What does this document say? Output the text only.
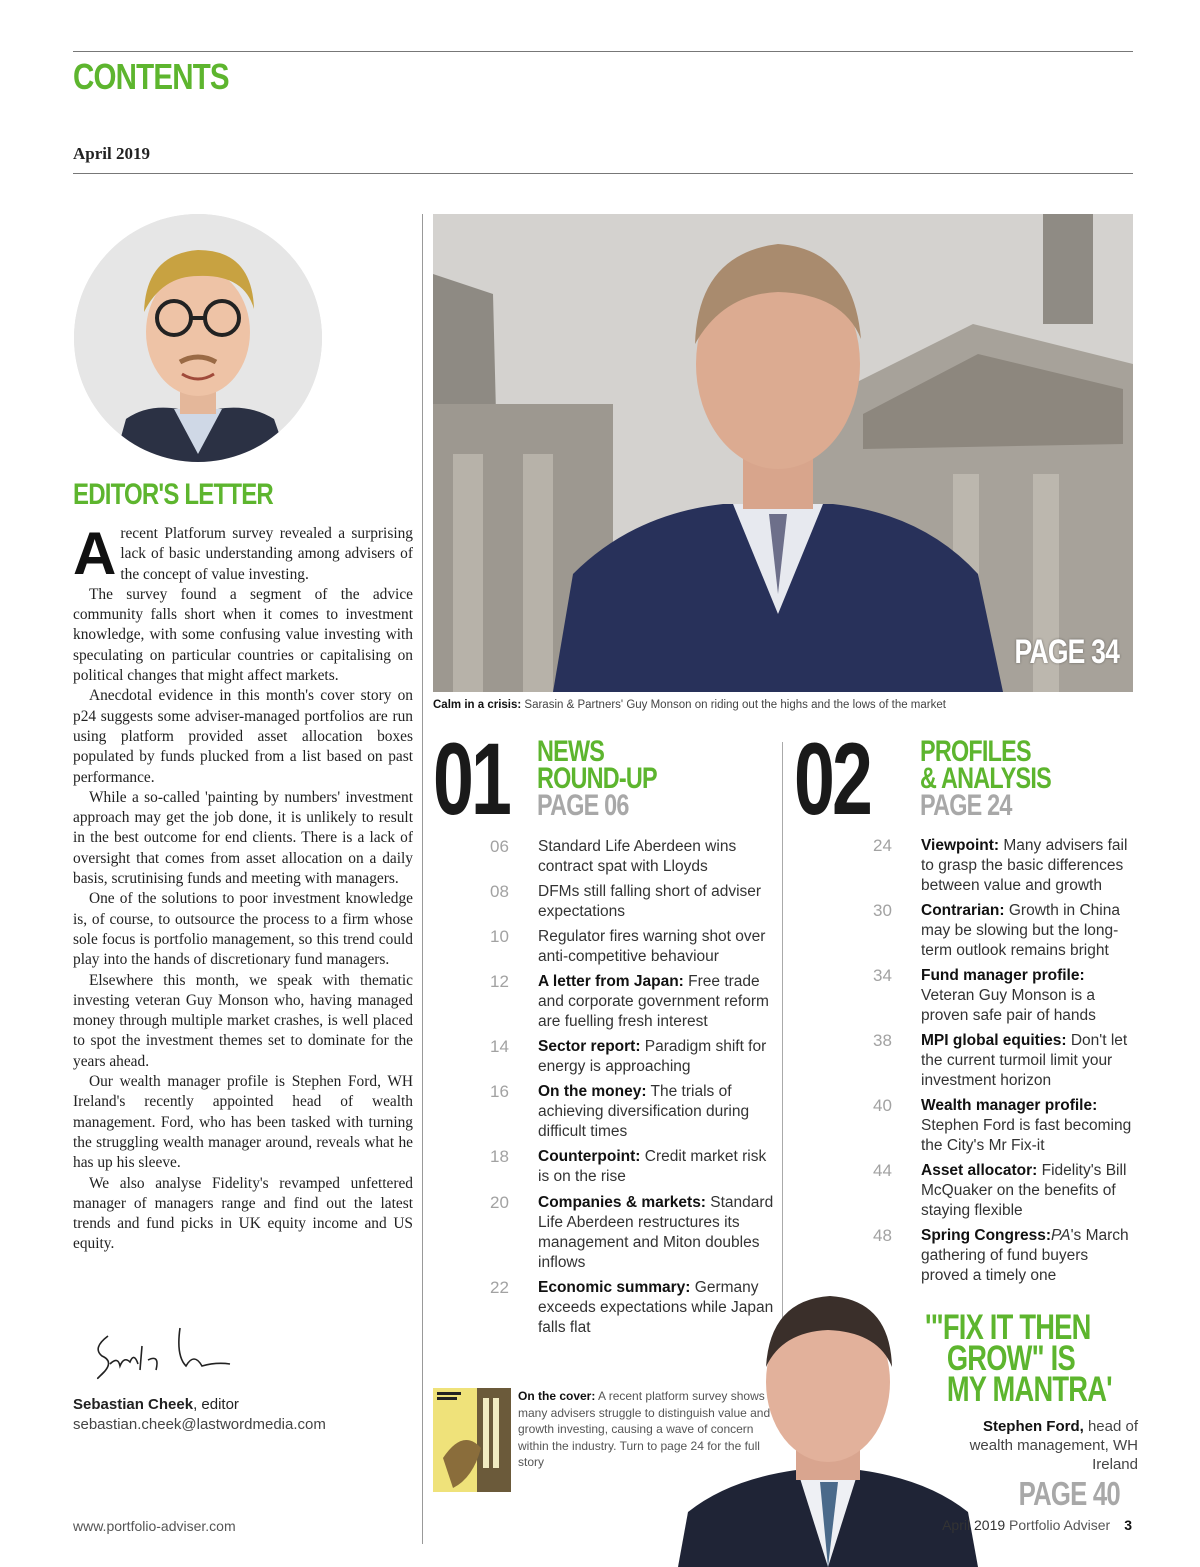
CONTENTS
April 2019
EDITOR'S LETTER

A recent Platforum survey revealed a surprising lack of basic understanding among advisers of the concept of value investing.

The survey found a segment of the advice community falls short when it comes to investment knowledge, with some confusing value investing with speculating on particular countries or capitalising on political changes that might affect markets.

Anecdotal evidence in this month's cover story on p24 suggests some adviser-managed portfolios are run using platform provided asset allocation boxes populated by funds plucked from a list based on past performance.

While a so-called 'painting by numbers' investment approach may get the job done, it is unlikely to result in the best outcome for end clients. There is a lack of oversight that comes from asset allocation on a daily basis, scrutinising funds and meeting with managers.

One of the solutions to poor investment knowledge is, of course, to outsource the process to a firm whose sole focus is portfolio management, so this trend could play into the hands of discretionary fund managers.

Elsewhere this month, we speak with thematic investing veteran Guy Monson who, having managed money through multiple market crashes, is well placed to spot the investment themes set to dominate for the years ahead.

Our wealth manager profile is Stephen Ford, WH Ireland's recently appointed head of wealth management. Ford, who has been tasked with turning the struggling wealth manager around, reveals what he has up his sleeve.

We also analyse Fidelity's revamped unfettered manager of managers range and find out the latest trends and fund picks in UK equity income and US equity.

Sebastian Cheek, editor
sebastian.cheek@lastwordmedia.com
PAGE 34
Calm in a crisis: Sarasin & Partners' Guy Monson on riding out the highs and the lows of the market
01 NEWS
ROUND-UP
PAGE 06
06 Standard Life Aberdeen wins contract spat with Lloyds
08 DFMs still falling short of adviser expectations
10 Regulator fires warning shot over anti-competitive behaviour
12 A letter from Japan: Free trade and corporate government reform are fuelling fresh interest
14 Sector report: Paradigm shift for energy is approaching
16 On the money: The trials of achieving diversification during difficult times
18 Counterpoint: Credit market risk is on the rise
20 Companies & markets: Standard Life Aberdeen restructures its management and Miton doubles inflows
22 Economic summary: Germany exceeds expectations while Japan falls flat
02 PROFILES
& ANALYSIS
PAGE 24
24 Viewpoint: Many advisers fail to grasp the basic differences between value and growth
30 Contrarian: Growth in China may be slowing but the long-term outlook remains bright
34 Fund manager profile: Veteran Guy Monson is a proven safe pair of hands
38 MPI global equities: Don't let the current turmoil limit your investment horizon
40 Wealth manager profile: Stephen Ford is fast becoming the City's Mr Fix-it
44 Asset allocator: Fidelity's Bill McQuaker on the benefits of staying flexible
48 Spring Congress:PA's March gathering of fund buyers proved a timely one
On the cover: A recent platform survey shows many advisers struggle to distinguish value and growth investing, causing a wave of concern within the industry. Turn to page 24 for the full story
'"FIX IT THEN
GROW" IS
MY MANTRA'
Stephen Ford, head of wealth management, WH Ireland
PAGE 40
www.portfolio-adviser.com	April 2019 Portfolio Adviser 3
